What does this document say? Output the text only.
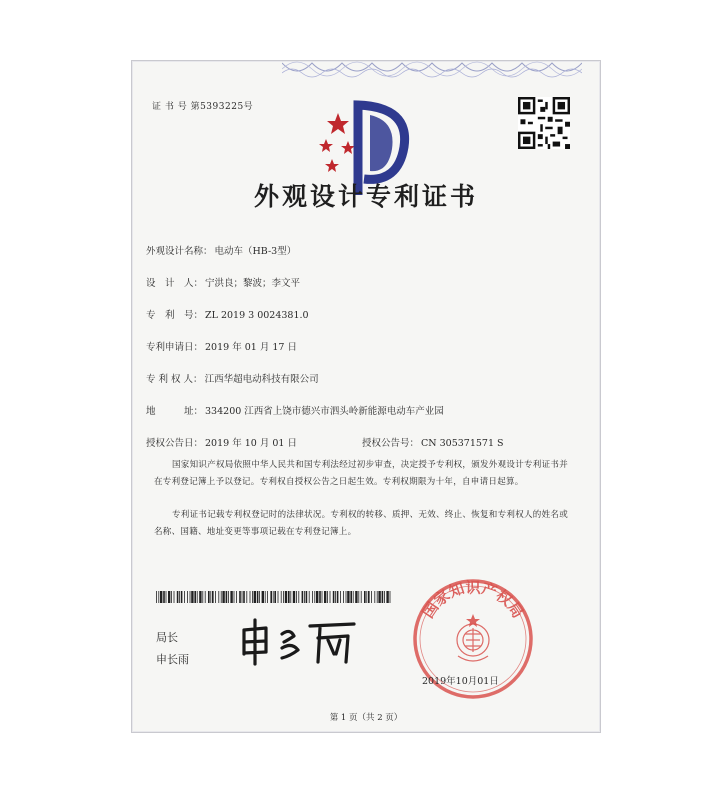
证 书 号 第5393225号
外观设计专利证书
外观设计名称： 电动车（HB-3型）
设　计　人： 宁洪良；黎波；李文平
专　利　号： ZL 2019 3 0024381.0
专利申请日： 2019 年 01 月 17 日
专 利 权 人： 江西华超电动科技有限公司
地　　　址： 334200 江西省上饶市德兴市泗头岭新能源电动车产业园
授权公告日： 2019 年 10 月 01 日	授权公告号： CN 305371571 S
国家知识产权局依照中华人民共和国专利法经过初步审查，决定授予专利权，颁发外观设计专利证书并在专利登记簿上予以登记。专利权自授权公告之日起生效。专利权期限为十年，自申请日起算。
专利证书记载专利权登记时的法律状况。专利权的转移、质押、无效、终止、恢复和专利权人的姓名或名称、国籍、地址变更等事项记载在专利登记簿上。
局长
申长雨
国家知识产权局
2019年10月01日
第 1 页（共 2 页）
